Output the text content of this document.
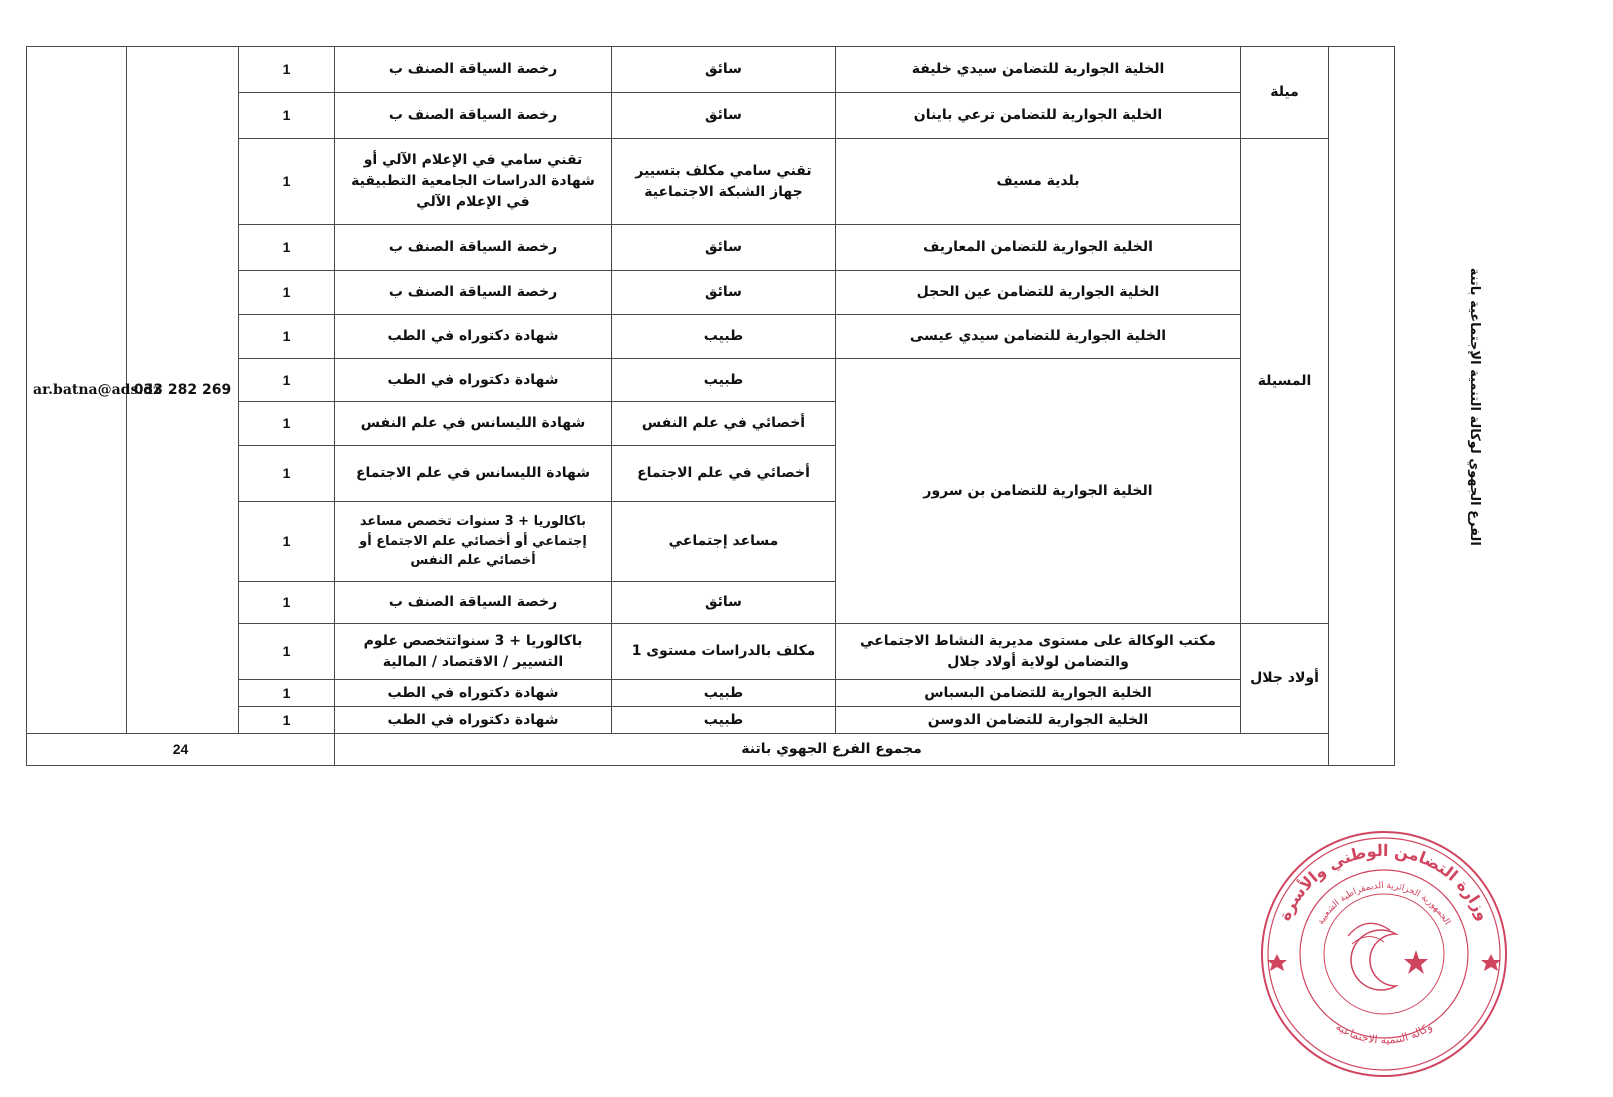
ar.batna@ads.dz	033 282 269	1	رخصة السياقة الصنف ب	سائق	الخلية الجوارية للتضامن سيدي خليفة	ميلة	الفرع الجهوي لوكالة التنمية الإجتماعية باتنة
		1	رخصة السياقة الصنف ب	سائق	الخلية الجوارية للتضامن ترعي باينان		
		1	تقني سامي في الإعلام الآلي أو شهادة الدراسات الجامعية التطبيقية في الإعلام الآلي	تقني سامي مكلف بتسيير جهاز الشبكة الاجتماعية	بلدية مسيف	المسيلة	
		1	رخصة السياقة الصنف ب	سائق	الخلية الجوارية للتضامن المعاريف		
		1	رخصة السياقة الصنف ب	سائق	الخلية الجوارية للتضامن عين الحجل		
		1	شهادة دكتوراه في الطب	طبيب	الخلية الجوارية للتضامن سيدي عيسى		
		1	شهادة دكتوراه في الطب	طبيب	الخلية الجوارية للتضامن بن سرور		
		1	شهادة الليسانس في علم النفس	أخصائي في علم النفس			
		1	شهادة الليسانس في علم الاجتماع	أخصائي في علم الاجتماع			
		1	باكالوريا + 3 سنوات تخصص مساعد إجتماعي أو أخصائي علم الاجتماع أو أخصائي علم النفس	مساعد إجتماعي			
		1	رخصة السياقة الصنف ب	سائق			
		1	باكالوريا + 3 سنواتتخصص علوم التسيير / الاقتصاد / المالية	مكلف بالدراسات مستوى 1	مكتب الوكالة على مستوى مديرية النشاط الاجتماعي والتضامن لولاية أولاد جلال	أولاد جلال	
		1	شهادة دكتوراه في الطب	طبيب	الخلية الجوارية للتضامن البسباس		
		1	شهادة دكتوراه في الطب	طبيب	الخلية الجوارية للتضامن الدوسن		
24			مجموع الفرع الجهوي باتنة				
وزارة التضامن الوطني والأسرة
الجمهورية الجزائرية الديمقراطية الشعبية
وكالة التنمية الاجتماعية
